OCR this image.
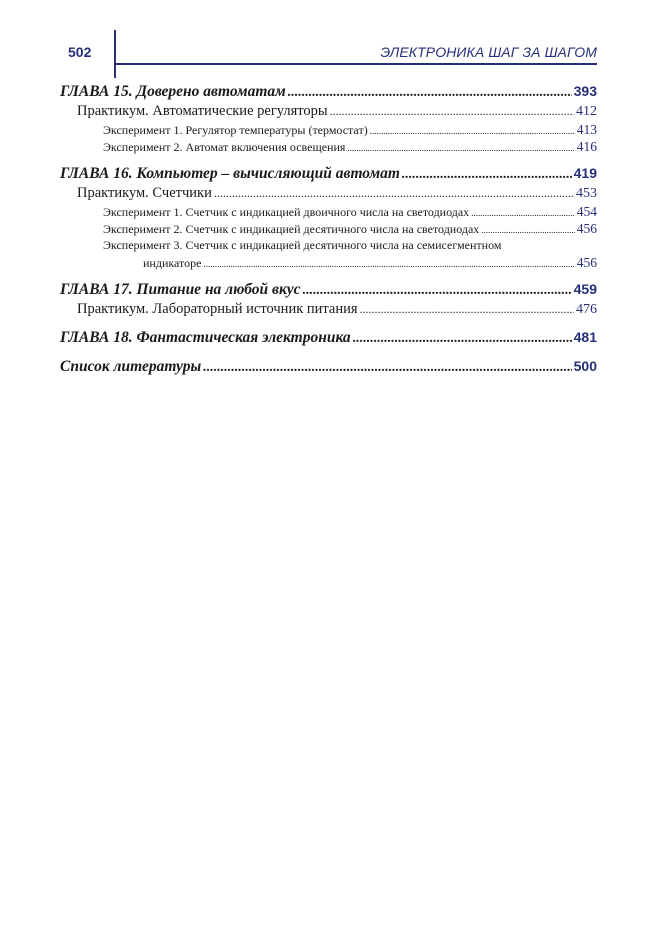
502	ЭЛЕКТРОНИКА ШАГ ЗА ШАГОМ
ГЛАВА 15. Доверено автоматам .....	393
Практикум. Автоматические регуляторы .....	412
Эксперимент 1. Регулятор температуры (термостат) .....	413
Эксперимент 2. Автомат включения освещения .....	416
ГЛАВА 16. Компьютер – вычисляющий автомат .....	419
Практикум. Счетчики .....	453
Эксперимент 1. Счетчик с индикацией двоичного числа на светодиодах .....	454
Эксперимент 2. Счетчик с индикацией десятичного числа на светодиодах .....	456
Эксперимент 3. Счетчик с индикацией десятичного числа на семисегментном
индикаторе .....	456
ГЛАВА 17. Питание на любой вкус .....	459
Практикум. Лабораторный источник питания .....	476
ГЛАВА 18. Фантастическая электроника .....	481
Список литературы .....	500
